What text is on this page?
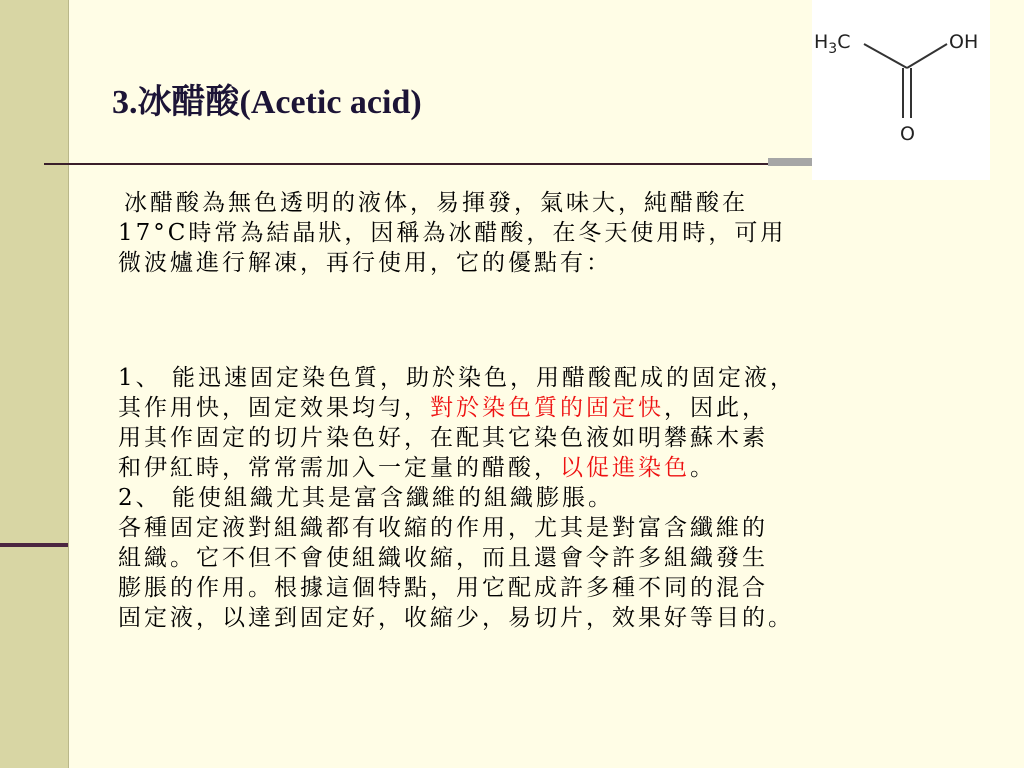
$H_3C$	OH
O
3.冰醋酸(Acetic acid)
冰醋酸為無色透明的液体，易揮發，氣味大，純醋酸在
17°C時常為結晶狀，因稱為冰醋酸，在冬天使用時，可用
微波爐進行解凍，再行使用，它的優點有：
1、 能迅速固定染色質，助於染色，用醋酸配成的固定液，
其作用快，固定效果均勻，對於染色質的固定快，因此，
用其作固定的切片染色好，在配其它染色液如明礬蘇木素
和伊紅時，常常需加入一定量的醋酸，以促進染色。
2、 能使組織尤其是富含纖維的組織膨脹。
各種固定液對組織都有收縮的作用，尤其是對富含纖維的
組織。它不但不會使組織收縮，而且還會令許多組織發生
膨脹的作用。根據這個特點，用它配成許多種不同的混合
固定液，以達到固定好，收縮少，易切片，效果好等目的。
